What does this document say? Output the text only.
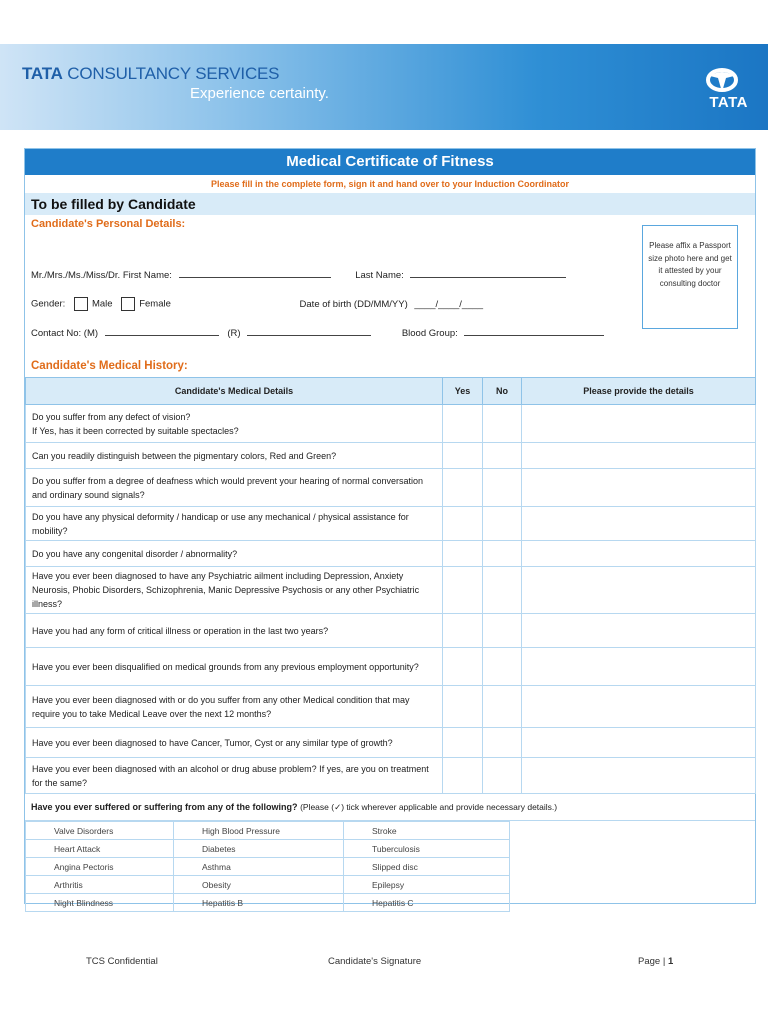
TATA CONSULTANCY SERVICES
Experience certainty.
TATA
Medical Certificate of Fitness
Please fill in the complete form, sign it and hand over to your Induction Coordinator
To be filled by Candidate
Candidate's Personal Details:
Mr./Mrs./Ms./Miss/Dr. First Name:	Last Name:
Gender:	Male	Female	Date of birth (DD/MM/YY) ____/____/____
Contact No: (M)	(R)	Blood Group:
Please affix a Passport size photo here and get it attested by your consulting doctor
Candidate's Medical History:
Candidate's Medical Details	Yes	No	Please provide the details
Do you suffer from any defect of vision?
If Yes, has it been corrected by suitable spectacles?			
Can you readily distinguish between the pigmentary colors, Red and Green?			
Do you suffer from a degree of deafness which would prevent your hearing of normal conversation and ordinary sound signals?			
Do you have any physical deformity / handicap or use any mechanical / physical assistance for mobility?			
Do you have any congenital disorder / abnormality?			
Have you ever been diagnosed to have any Psychiatric ailment including Depression, Anxiety Neurosis, Phobic Disorders, Schizophrenia, Manic Depressive Psychosis or any other Psychiatric illness?			
Have you had any form of critical illness or operation in the last two years?			
Have you ever been disqualified on medical grounds from any previous employment opportunity?			
Have you ever been diagnosed with or do you suffer from any other Medical condition that may require you to take Medical Leave over the next 12 months?			
Have you ever been diagnosed to have Cancer, Tumor, Cyst or any similar type of growth?			
Have you ever been diagnosed with an alcohol or drug abuse problem? If yes, are you on treatment for the same?			
Have you ever suffered or suffering from any of the following? (Please (✓) tick wherever applicable and provide necessary details.)
Valve Disorders	High Blood Pressure	Stroke
Heart Attack	Diabetes	Tuberculosis
Angina Pectoris	Asthma	Slipped disc
Arthritis	Obesity	Epilepsy
Night Blindness	Hepatitis B	Hepatitis C
TCS Confidential	Candidate's Signature	Page | 1
